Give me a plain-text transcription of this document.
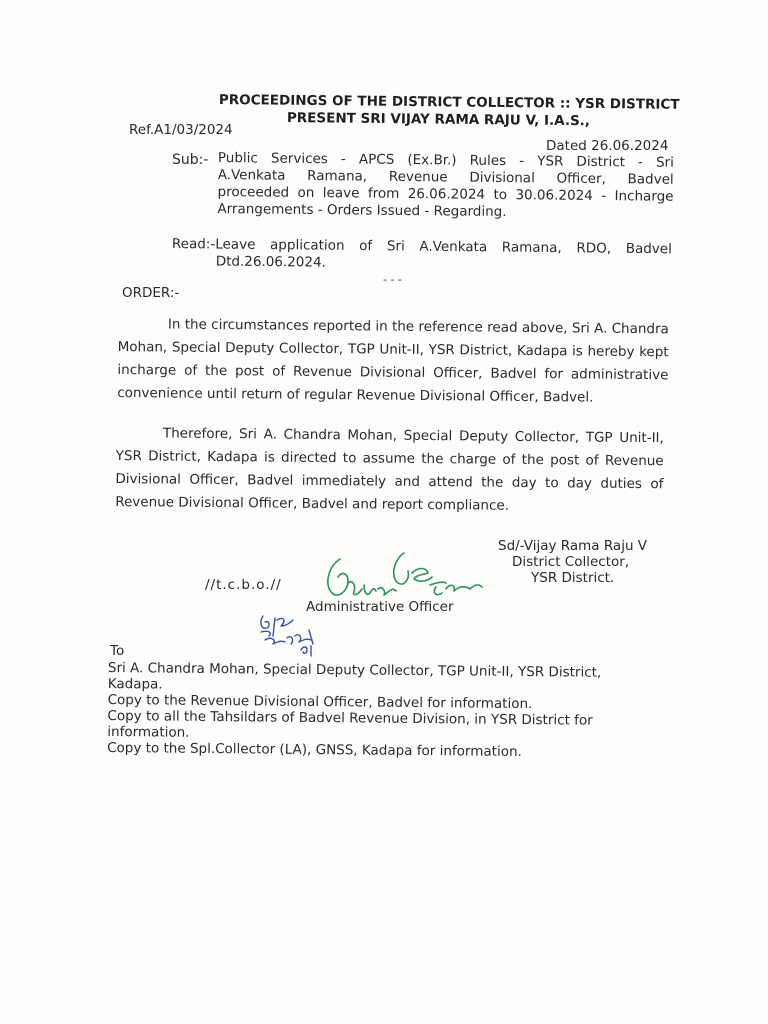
PROCEEDINGS OF THE DISTRICT COLLECTOR :: YSR DISTRICT
PRESENT SRI VIJAY RAMA RAJU V, I.A.S.,
Ref.A1/03/2024
Dated 26.06.2024
Sub:- Public Services - APCS (Ex.Br.) Rules - YSR District - Sri
A.Venkata Ramana, Revenue Divisional Officer, Badvel
proceeded on leave from 26.06.2024 to 30.06.2024 - Incharge
Arrangements - Orders Issued - Regarding.
Read:-Leave application of Sri A.Venkata Ramana, RDO, Badvel
Dtd.26.06.2024.
- - -
ORDER:-
In the circumstances reported in the reference read above, Sri A. Chandra
Mohan, Special Deputy Collector, TGP Unit-II, YSR District, Kadapa is hereby kept
incharge of the post of Revenue Divisional Officer, Badvel for administrative
convenience until return of regular Revenue Divisional Officer, Badvel.
Therefore, Sri A. Chandra Mohan, Special Deputy Collector, TGP Unit-II,
YSR District, Kadapa is directed to assume the charge of the post of Revenue
Divisional Officer, Badvel immediately and attend the day to day duties of
Revenue Divisional Officer, Badvel and report compliance.
Sd/-Vijay Rama Raju V
District Collector,
YSR District.
//t.c.b.o.//
Administrative Officer
To
Sri A. Chandra Mohan, Special Deputy Collector, TGP Unit-II, YSR District,
Kadapa.
Copy to the Revenue Divisional Officer, Badvel for information.
Copy to all the Tahsildars of Badvel Revenue Division, in YSR District for
information.
Copy to the Spl.Collector (LA), GNSS, Kadapa for information.
